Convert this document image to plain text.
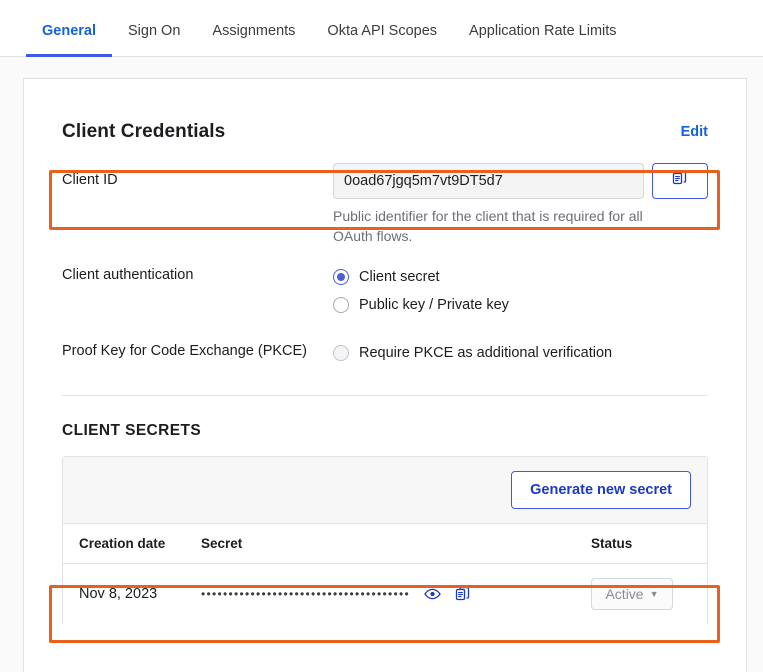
General	Sign On	Assignments	Okta API Scopes	Application Rate Limits
Client Credentials	Edit
Client ID	0oad67jgq5m7vt9DT5d7
Public identifier for the client that is required for all OAuth flows.
Client authentication	Client secret
Public key / Private key
Proof Key for Code Exchange (PKCE)	Require PKCE as additional verification
CLIENT SECRETS
Generate new secret
Creation date	Secret	Status
Nov 8, 2023	••••••••••••••••••••••••••••••••••••••	Active ▼
